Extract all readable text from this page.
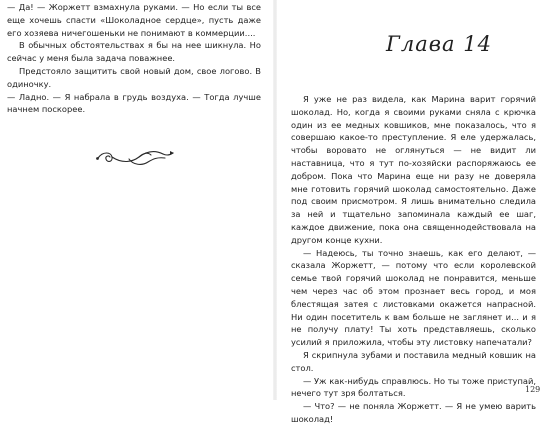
— Да! — Жоржетт взмахнула руками. — Но если ты все еще хочешь спасти «Шоколадное сердце», пусть даже его хозяева ничегошеньки не понимают в коммерции....

В обычных обстоятельствах я бы на нее шикнула. Но сейчас у меня была задача поважнее.

Предстояло защитить свой новый дом, свое логово. В одиночку.

— Ладно. — Я набрала в грудь воздуха. — Тогда лучше начнем поскорее.

Глава 14

Я уже не раз видела, как Марина варит горячий шоколад. Но, когда я своими руками сняла с крючка один из ее медных ковшиков, мне показалось, что я совершаю какое-то преступление. Я еле удержалась, чтобы воровато не оглянуться — не видит ли наставница, что я тут по-хозяйски распоряжаюсь ее добром. Пока что Марина еще ни разу не доверяла мне готовить горячий шоколад самостоятельно. Даже под своим присмотром. Я лишь внимательно следила за ней и тщательно запоминала каждый ее шаг, каждое движение, пока она священнодействовала на другом конце кухни.

— Надеюсь, ты точно знаешь, как его делают, — сказала Жоржетт, — потому что если королевской семье твой горячий шоколад не понравится, меньше чем через час об этом прознает весь город, и моя блестящая затея с листовками окажется напрасной. Ни один посетитель к вам больше не заглянет и... и я не получу плату! Ты хоть представляешь, сколько усилий я приложила, чтобы эту листовку напечатали?

Я скрипнула зубами и поставила медный ковшик на стол.

— Уж как-нибудь справлюсь. Но ты тоже приступай, нечего тут зря болтаться.

— Что? — не поняла Жоржетт. — Я не умею варить шоколад!

129
